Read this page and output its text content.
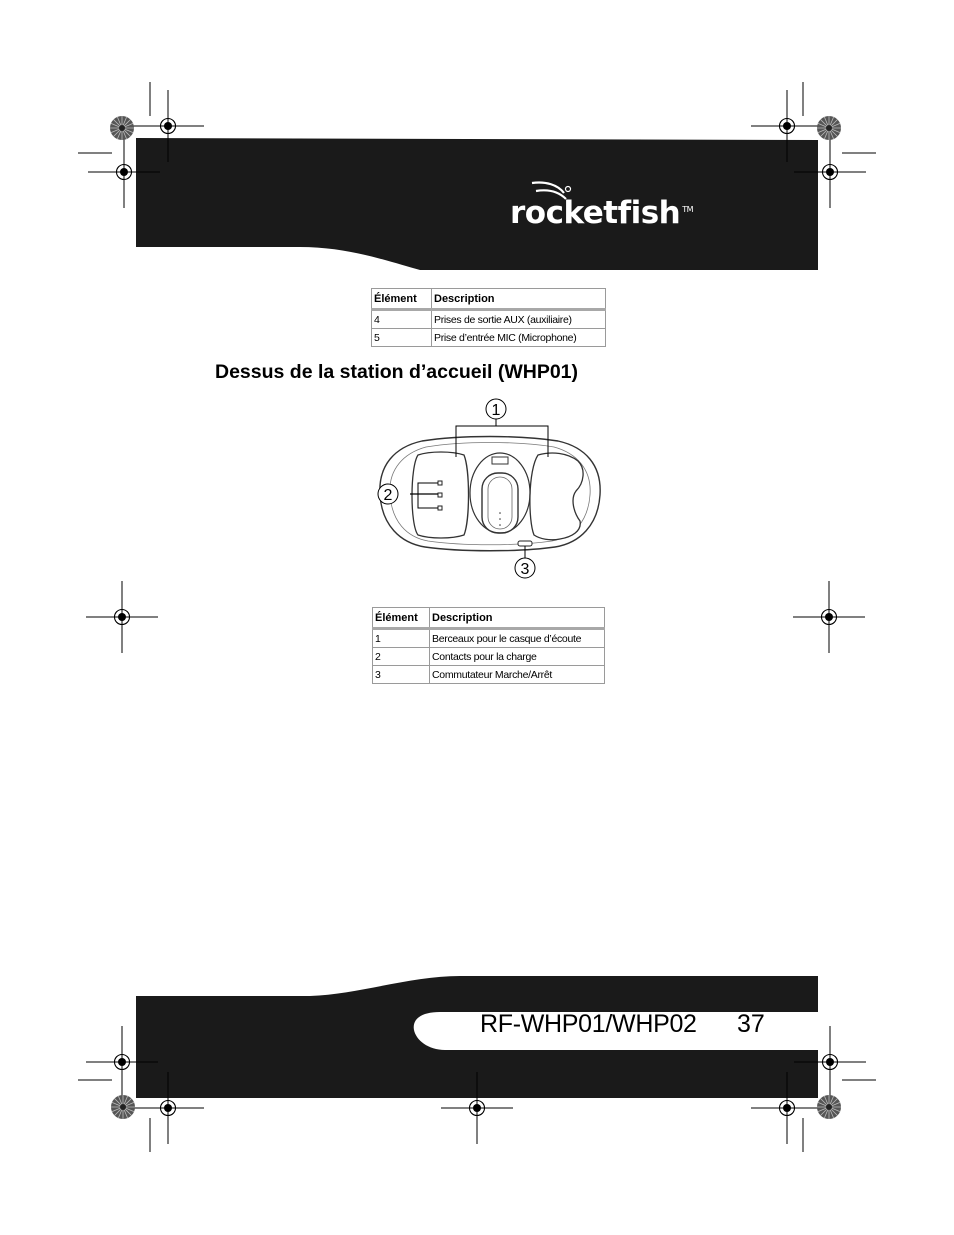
rocketfish ™
Élément	Description
4	Prises de sortie AUX (auxiliaire)
5	Prise d’entrée MIC (Microphone)
Dessus de la station d’accueil (WHP01)
1
2
3
Élément	Description
1	Berceaux pour le casque d’écoute
2	Contacts pour la charge
3	Commutateur Marche/Arrêt
RF-WHP01/WHP02 37
